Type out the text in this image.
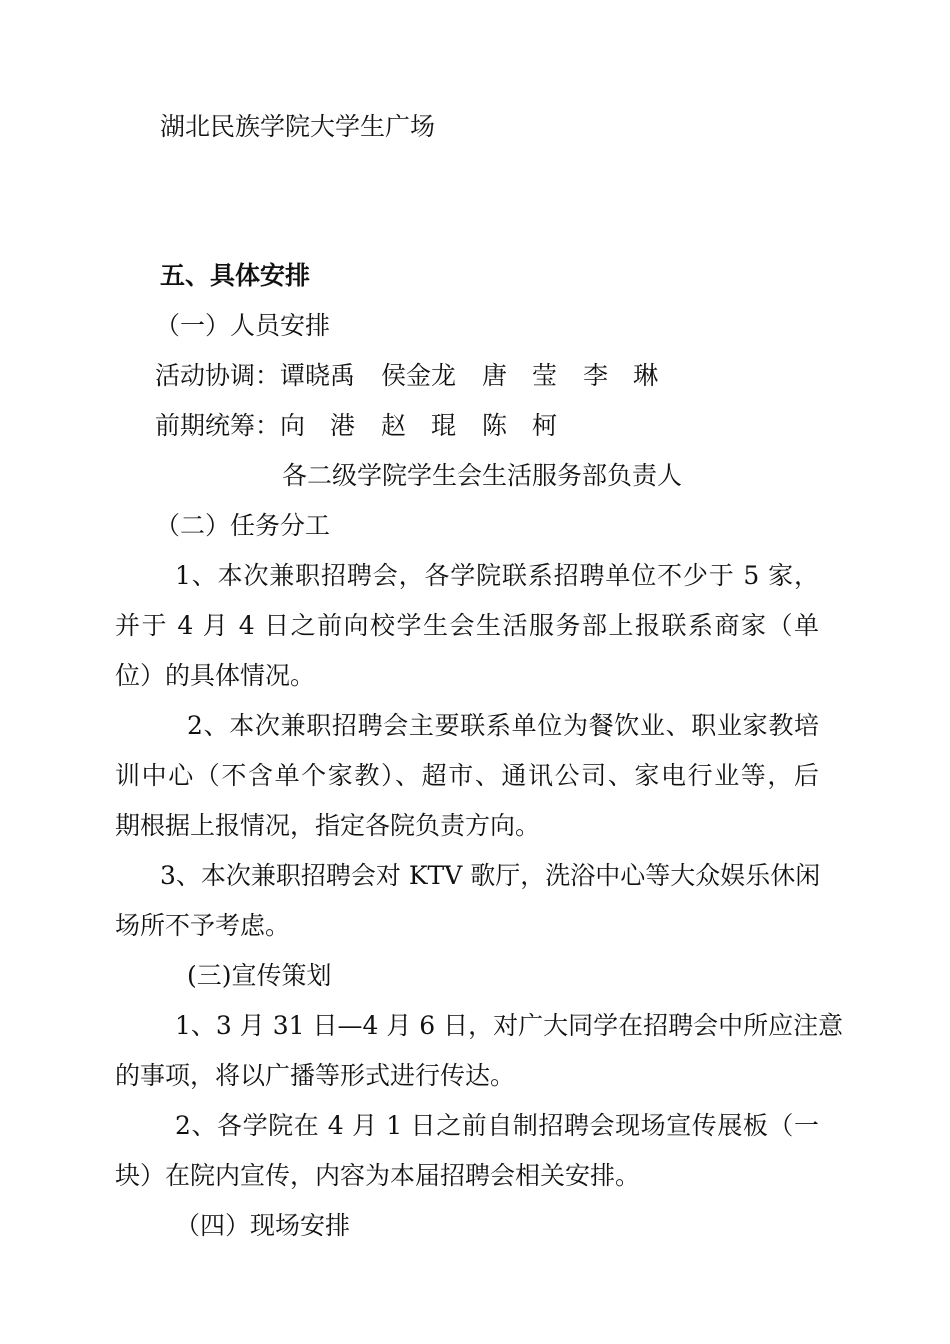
湖北民族学院大学生广场
五、具体安排
（一）人员安排
活动协调：谭晓禹 侯金龙 唐　莹 李　琳
前期统筹：向　港 赵　琨 陈　柯
各二级学院学生会生活服务部负责人
（二）任务分工
1、本次兼职招聘会，各学院联系招聘单位不少于 5 家，
并于 4 月 4 日之前向校学生会生活服务部上报联系商家（单
位）的具体情况。
2、本次兼职招聘会主要联系单位为餐饮业、职业家教培
训中心（不含单个家教）、超市、通讯公司、家电行业等，后
期根据上报情况，指定各院负责方向。
3、本次兼职招聘会对 KTV 歌厅，洗浴中心等大众娱乐休闲
场所不予考虑。
(三)宣传策划
1、3 月 31 日—4 月 6 日，对广大同学在招聘会中所应注意
的事项，将以广播等形式进行传达。
2、各学院在 4 月 1 日之前自制招聘会现场宣传展板（一
块）在院内宣传，内容为本届招聘会相关安排。
（四）现场安排
